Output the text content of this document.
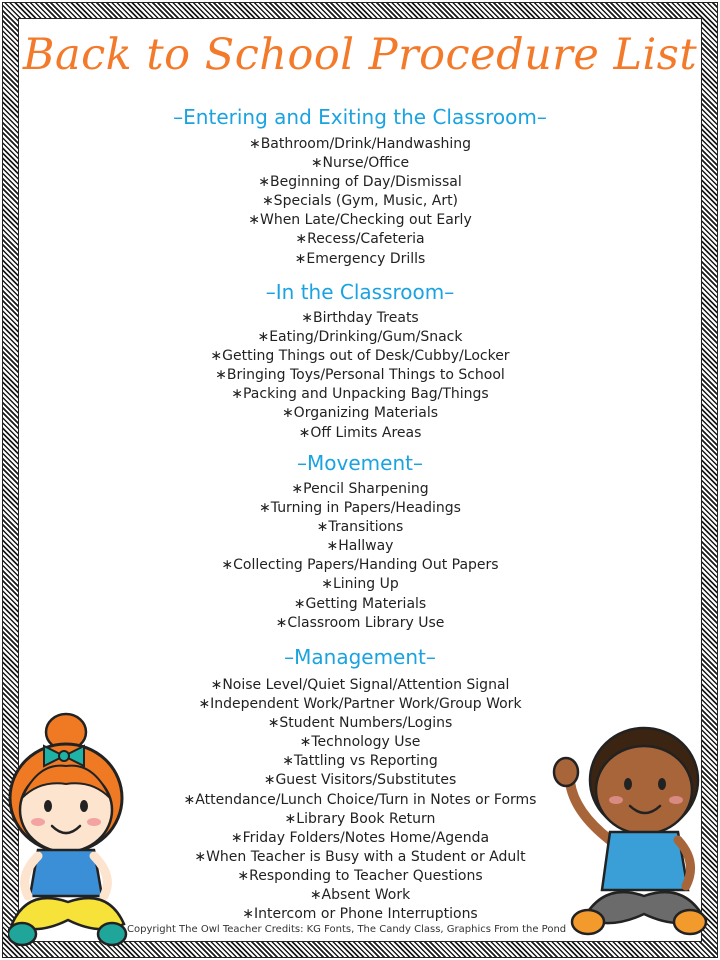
Back to School Procedure List
–Entering and Exiting the Classroom–
∗Bathroom/Drink/Handwashing
∗Nurse/Office
∗Beginning of Day/Dismissal
∗Specials (Gym, Music, Art)
∗When Late/Checking out Early
∗Recess/Cafeteria
∗Emergency Drills
–In the Classroom–
∗Birthday Treats
∗Eating/Drinking/Gum/Snack
∗Getting Things out of Desk/Cubby/Locker
∗Bringing Toys/Personal Things to School
∗Packing and Unpacking Bag/Things
∗Organizing Materials
∗Off Limits Areas
–Movement–
∗Pencil Sharpening
∗Turning in Papers/Headings
∗Transitions
∗Hallway
∗Collecting Papers/Handing Out Papers
∗Lining Up
∗Getting Materials
∗Classroom Library Use
–Management–
∗Noise Level/Quiet Signal/Attention Signal
∗Independent Work/Partner Work/Group Work
∗Student Numbers/Logins
∗Technology Use
∗Tattling vs Reporting
∗Guest Visitors/Substitutes
∗Attendance/Lunch Choice/Turn in Notes or Forms
∗Library Book Return
∗Friday Folders/Notes Home/Agenda
∗When Teacher is Busy with a Student or Adult
∗Responding to Teacher Questions
∗Absent Work
∗Intercom or Phone Interruptions
Copyright The Owl Teacher Credits: KG Fonts, The Candy Class, Graphics From the Pond
